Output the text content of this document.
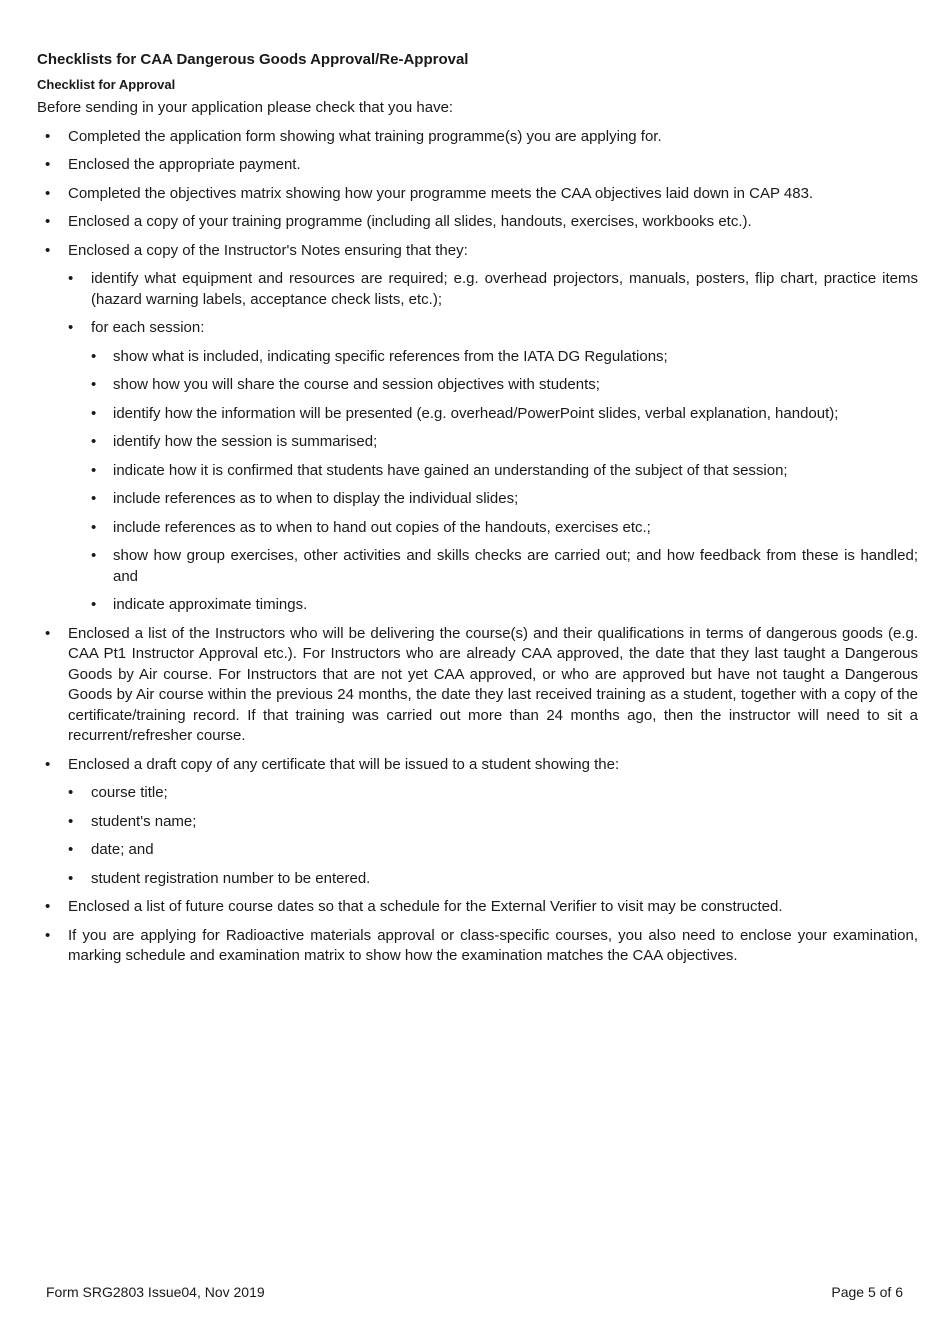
Checklists for CAA Dangerous Goods Approval/Re-Approval
Checklist for Approval
Before sending in your application please check that you have:
• Completed the application form showing what training programme(s) you are applying for.
• Enclosed the appropriate payment.
• Completed the objectives matrix showing how your programme meets the CAA objectives laid down in CAP 483.
• Enclosed a copy of your training programme (including all slides, handouts, exercises, workbooks etc.).
• Enclosed a copy of the Instructor's Notes ensuring that they:
• identify what equipment and resources are required; e.g. overhead projectors, manuals, posters, flip chart, practice items (hazard warning labels, acceptance check lists, etc.);
• for each session:
• show what is included, indicating specific references from the IATA DG Regulations;
• show how you will share the course and session objectives with students;
• identify how the information will be presented (e.g. overhead/PowerPoint slides, verbal explanation, handout);
• identify how the session is summarised;
• indicate how it is confirmed that students have gained an understanding of the subject of that session;
• include references as to when to display the individual slides;
• include references as to when to hand out copies of the handouts, exercises etc.;
• show how group exercises, other activities and skills checks are carried out; and how feedback from these is handled; and
• indicate approximate timings.
• Enclosed a list of the Instructors who will be delivering the course(s) and their qualifications in terms of dangerous goods (e.g. CAA Pt1 Instructor Approval etc.). For Instructors who are already CAA approved, the date that they last taught a Dangerous Goods by Air course. For Instructors that are not yet CAA approved, or who are approved but have not taught a Dangerous Goods by Air course within the previous 24 months, the date they last received training as a student, together with a copy of the certificate/training record. If that training was carried out more than 24 months ago, then the instructor will need to sit a recurrent/refresher course.
• Enclosed a draft copy of any certificate that will be issued to a student showing the:
• course title;
• student's name;
• date; and
• student registration number to be entered.
• Enclosed a list of future course dates so that a schedule for the External Verifier to visit may be constructed.
• If you are applying for Radioactive materials approval or class-specific courses, you also need to enclose your examination, marking schedule and examination matrix to show how the examination matches the CAA objectives.
Form SRG2803 Issue04, Nov 2019	Page 5 of 6
